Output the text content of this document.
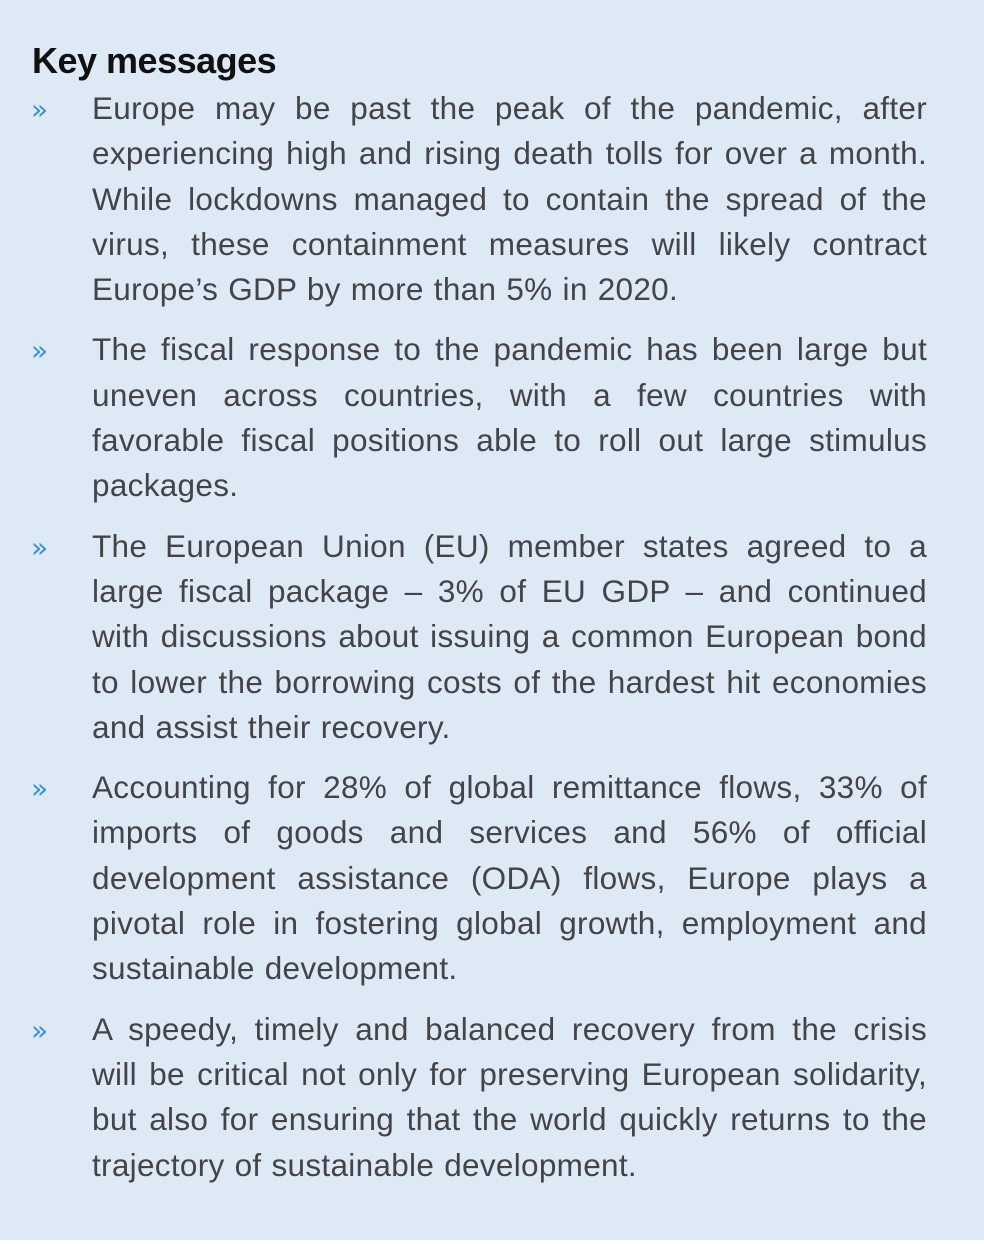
Key messages
» Europe may be past the peak of the pandemic, after experiencing high and rising death tolls for over a month. While lockdowns managed to contain the spread of the virus, these containment measures will likely contract Europe’s GDP by more than 5% in 2020.

» The fiscal response to the pandemic has been large but uneven across countries, with a few countries with favorable fiscal positions able to roll out large stimulus packages.

» The European Union (EU) member states agreed to a large fiscal package – 3% of EU GDP – and continued with discussions about issuing a common European bond to lower the borrowing costs of the hardest hit economies and assist their recovery.

» Accounting for 28% of global remittance flows, 33% of imports of goods and services and 56% of official development assistance (ODA) flows, Europe plays a pivotal role in fostering global growth, employment and sustainable development.

» A speedy, timely and balanced recovery from the crisis will be critical not only for preserving European solidarity, but also for ensuring that the world quickly returns to the trajectory of sustainable development.
